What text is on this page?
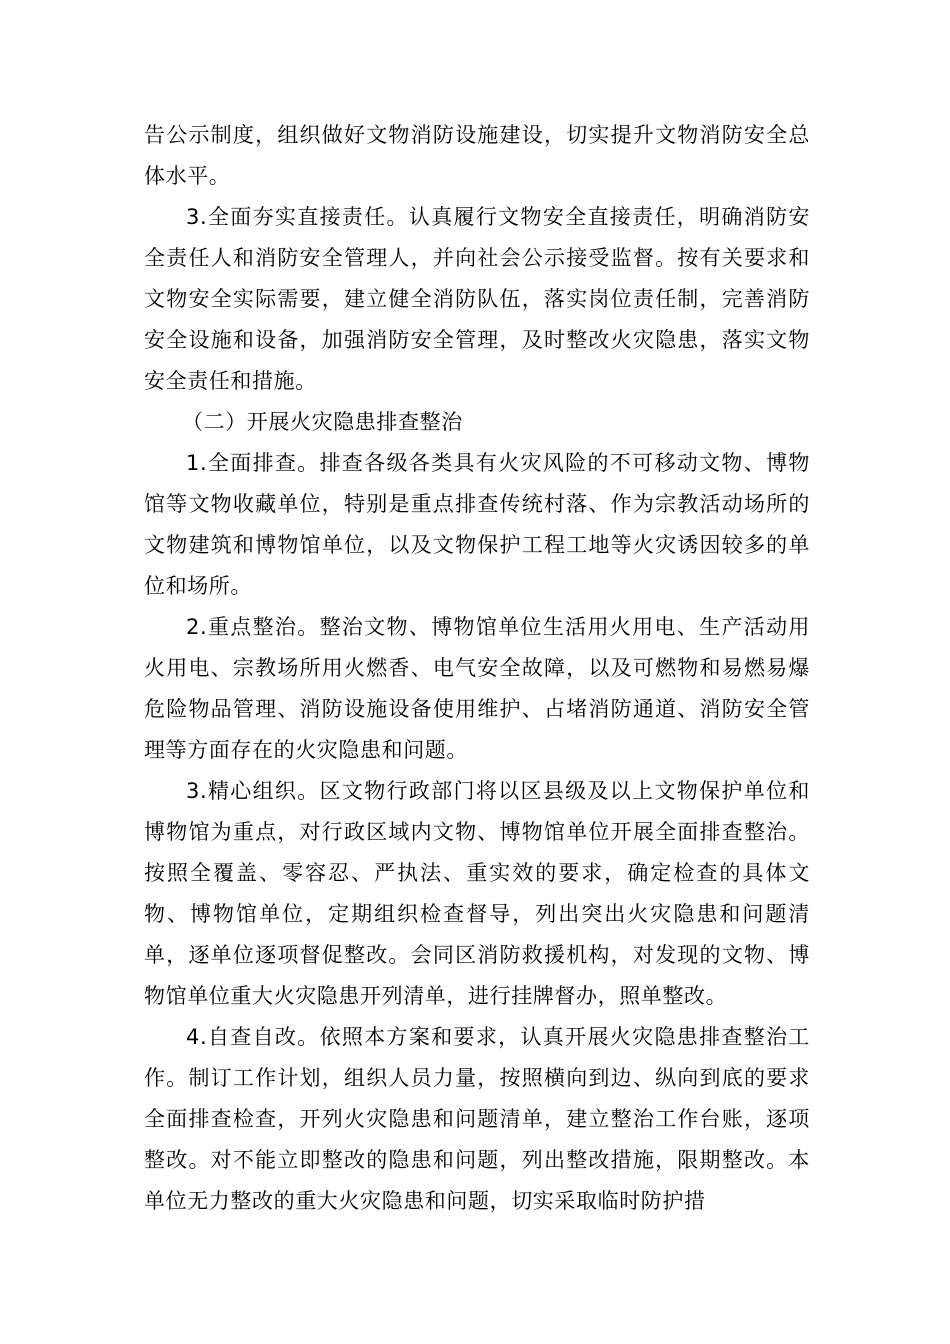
告公示制度，组织做好文物消防设施建设，切实提升文物消防安全总体水平。

3.全面夯实直接责任。认真履行文物安全直接责任，明确消防安全责任人和消防安全管理人，并向社会公示接受监督。按有关要求和文物安全实际需要，建立健全消防队伍，落实岗位责任制，完善消防安全设施和设备，加强消防安全管理，及时整改火灾隐患，落实文物安全责任和措施。

（二）开展火灾隐患排查整治

1.全面排查。排查各级各类具有火灾风险的不可移动文物、博物馆等文物收藏单位，特别是重点排查传统村落、作为宗教活动场所的文物建筑和博物馆单位，以及文物保护工程工地等火灾诱因较多的单位和场所。

2.重点整治。整治文物、博物馆单位生活用火用电、生产活动用火用电、宗教场所用火燃香、电气安全故障，以及可燃物和易燃易爆危险物品管理、消防设施设备使用维护、占堵消防通道、消防安全管理等方面存在的火灾隐患和问题。

3.精心组织。区文物行政部门将以区县级及以上文物保护单位和博物馆为重点，对行政区域内文物、博物馆单位开展全面排查整治。按照全覆盖、零容忍、严执法、重实效的要求，确定检查的具体文物、博物馆单位，定期组织检查督导，列出突出火灾隐患和问题清单，逐单位逐项督促整改。会同区消防救援机构，对发现的文物、博物馆单位重大火灾隐患开列清单，进行挂牌督办，照单整改。

4.自查自改。依照本方案和要求，认真开展火灾隐患排查整治工作。制订工作计划，组织人员力量，按照横向到边、纵向到底的要求全面排查检查，开列火灾隐患和问题清单，建立整治工作台账，逐项整改。对不能立即整改的隐患和问题，列出整改措施，限期整改。本单位无力整改的重大火灾隐患和问题，切实采取临时防护措
